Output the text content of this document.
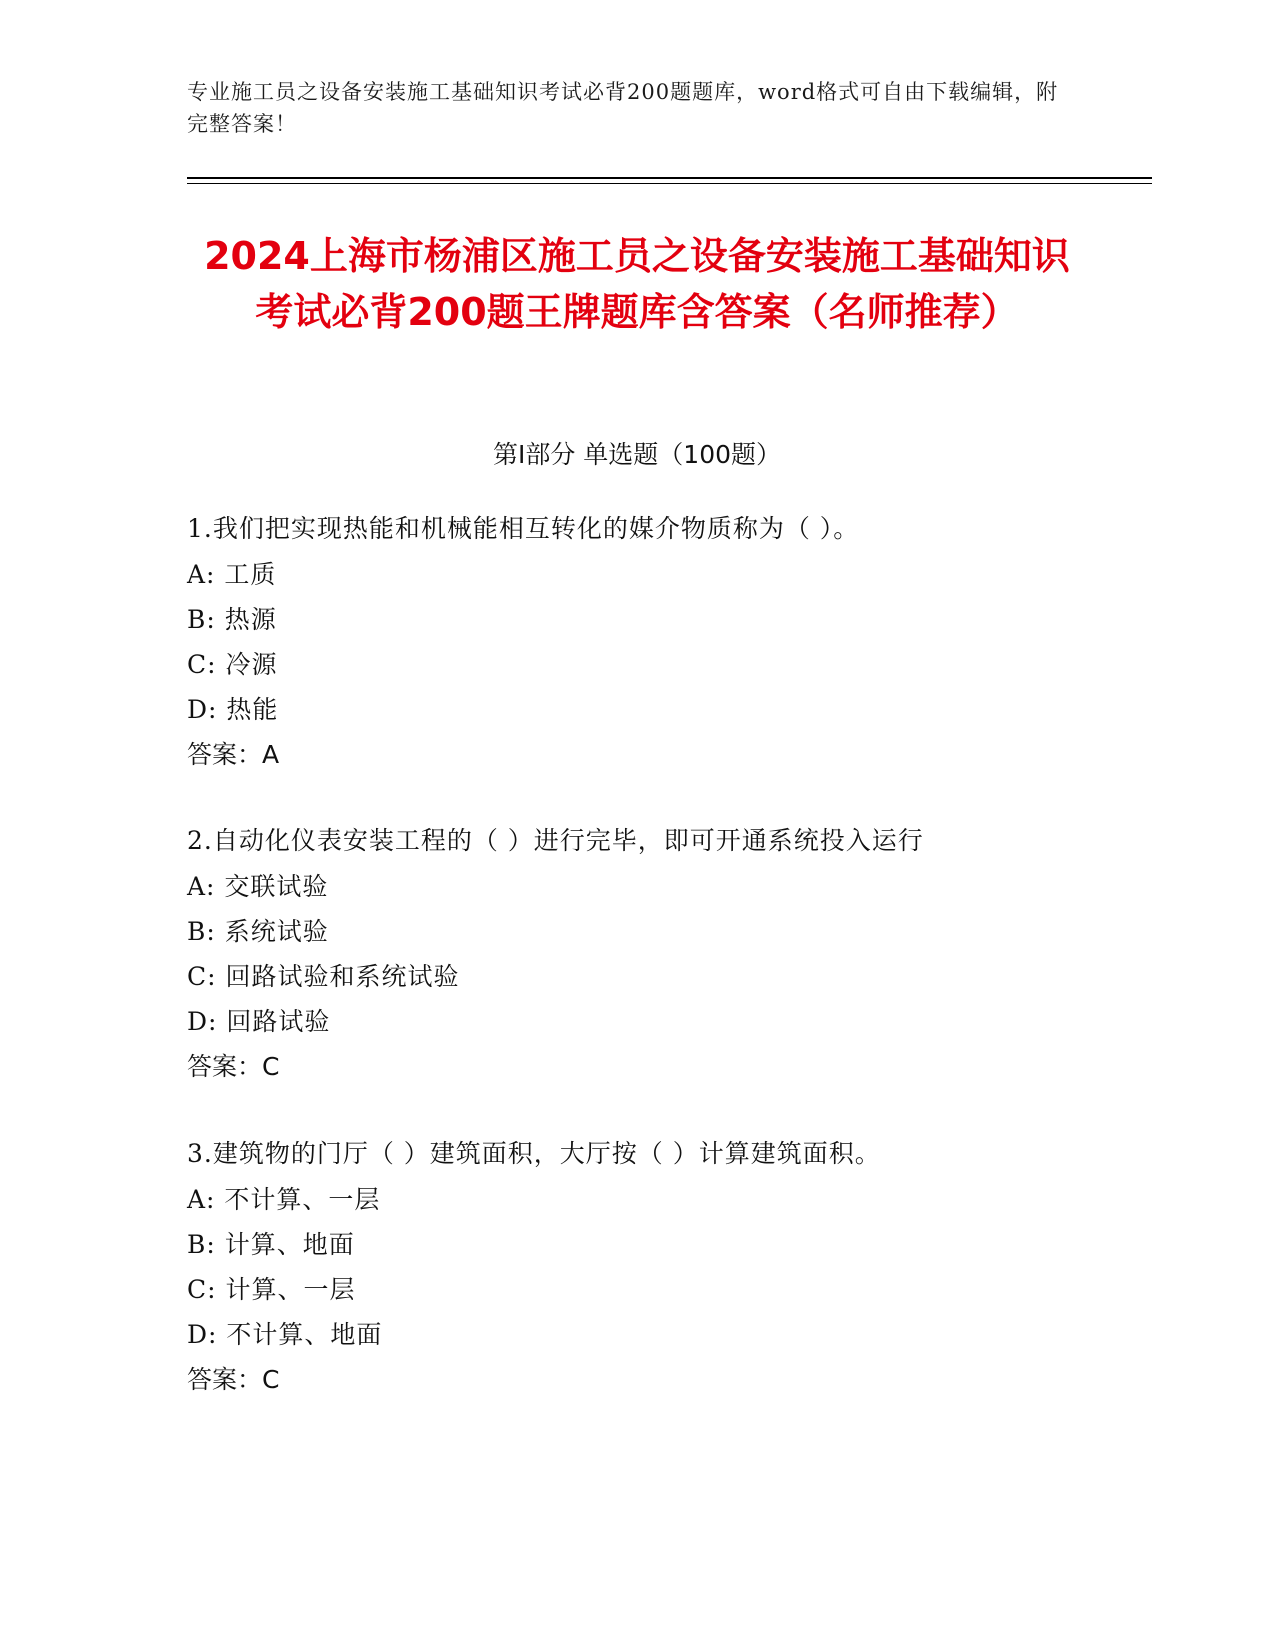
专业施工员之设备安装施工基础知识考试必背200题题库，word格式可自由下载编辑，附完整答案！
2024上海市杨浦区施工员之设备安装施工基础知识考试必背200题王牌题库含答案（名师推荐）
第Ⅰ部分 单选题（100题）
1.我们把实现热能和机械能相互转化的媒介物质称为（ ）。
A: 工质
B: 热源
C: 冷源
D: 热能
答案：A
2.自动化仪表安装工程的（ ）进行完毕，即可开通系统投入运行
A: 交联试验
B: 系统试验
C: 回路试验和系统试验
D: 回路试验
答案：C
3.建筑物的门厅（ ）建筑面积，大厅按（ ）计算建筑面积。
A: 不计算、一层
B: 计算、地面
C: 计算、一层
D: 不计算、地面
答案：C
